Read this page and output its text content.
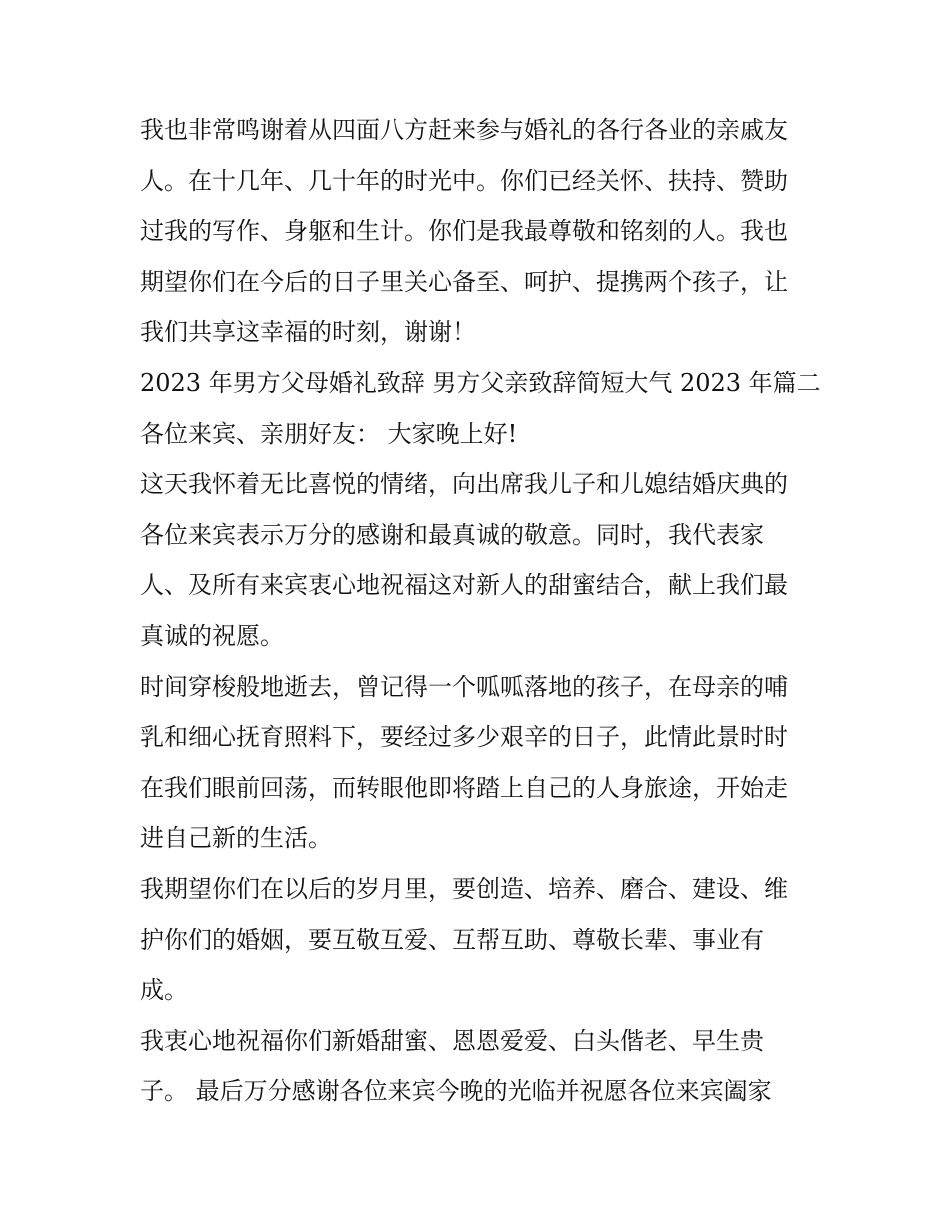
我也非常鸣谢着从四面八方赶来参与婚礼的各行各业的亲戚友
人。在十几年、几十年的时光中。你们已经关怀、扶持、赞助
过我的写作、身躯和生计。你们是我最尊敬和铭刻的人。我也
期望你们在今后的日子里关心备至、呵护、提携两个孩子，让
我们共享这幸福的时刻，谢谢！

2023 年男方父母婚礼致辞 男方父亲致辞简短大气 2023 年篇二

各位来宾、亲朋好友： 大家晚上好!

这天我怀着无比喜悦的情绪，向出席我儿子和儿媳结婚庆典的
各位来宾表示万分的感谢和最真诚的敬意。同时，我代表家
人、及所有来宾衷心地祝福这对新人的甜蜜结合，献上我们最
真诚的祝愿。

时间穿梭般地逝去，曾记得一个呱呱落地的孩子，在母亲的哺
乳和细心抚育照料下，要经过多少艰辛的日子，此情此景时时
在我们眼前回荡，而转眼他即将踏上自己的人身旅途，开始走
进自己新的生活。

我期望你们在以后的岁月里，要创造、培养、磨合、建设、维
护你们的婚姻，要互敬互爱、互帮互助、尊敬长辈、事业有
成。

我衷心地祝福你们新婚甜蜜、恩恩爱爱、白头偕老、早生贵
子。 最后万分感谢各位来宾今晚的光临并祝愿各位来宾阖家
